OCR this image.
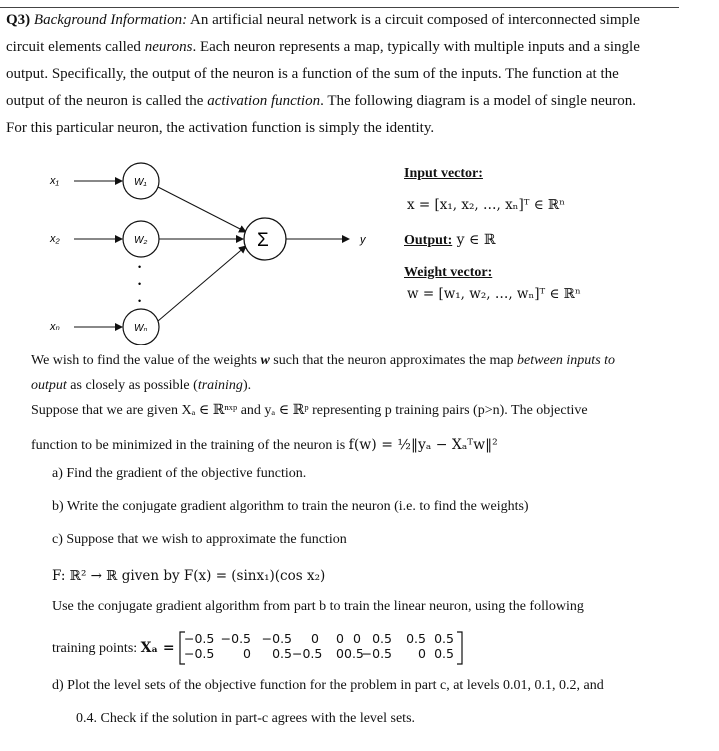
Q3) Background Information: An artificial neural network is a circuit composed of interconnected simple
circuit elements called neurons. Each neuron represents a map, typically with multiple inputs and a single
output. Specifically, the output of the neuron is a function of the sum of the inputs. The function at the
output of the neuron is called the activation function. The following diagram is a model of single neuron.
For this particular neuron, the activation function is simply the identity.
x₁
x₂
xₙ
W₁
W₂
Wₙ
•
•
•
Σ	y
Input vector:
x = [x₁, x₂, …, xₙ]ᵀ ∈ ℝⁿ
Output: y ∈ ℝ
Weight vector:
w = [w₁, w₂, …, wₙ]ᵀ ∈ ℝⁿ
We wish to find the value of the weights w such that the neuron approximates the map between inputs to
output as closely as possible (training).
Suppose that we are given Xₐ ∈ ℝⁿˣᵖ and yₐ ∈ ℝᵖ representing p training pairs (p>n). The objective
function to be minimized in the training of the neuron is f(w) = ½‖yₐ − Xₐᵀw‖²
a) Find the gradient of the objective function.
b) Write the conjugate gradient algorithm to train the neuron (i.e. to find the weights)
c) Suppose that we wish to approximate the function
F: ℝ² → ℝ given by F(x) = (sinx₁)(cos x₂)
Use the conjugate gradient algorithm from part b to train the linear neuron, using the following
training points: Xₐ =
−0.5 −0.5 −0.5 0 0 0 0.5 0.5 0.5
−0.5 0 0.5−0.5 00.5−0.5 0 0.5
d) Plot the level sets of the objective function for the problem in part c, at levels 0.01, 0.1, 0.2, and
0.4. Check if the solution in part-c agrees with the level sets.
